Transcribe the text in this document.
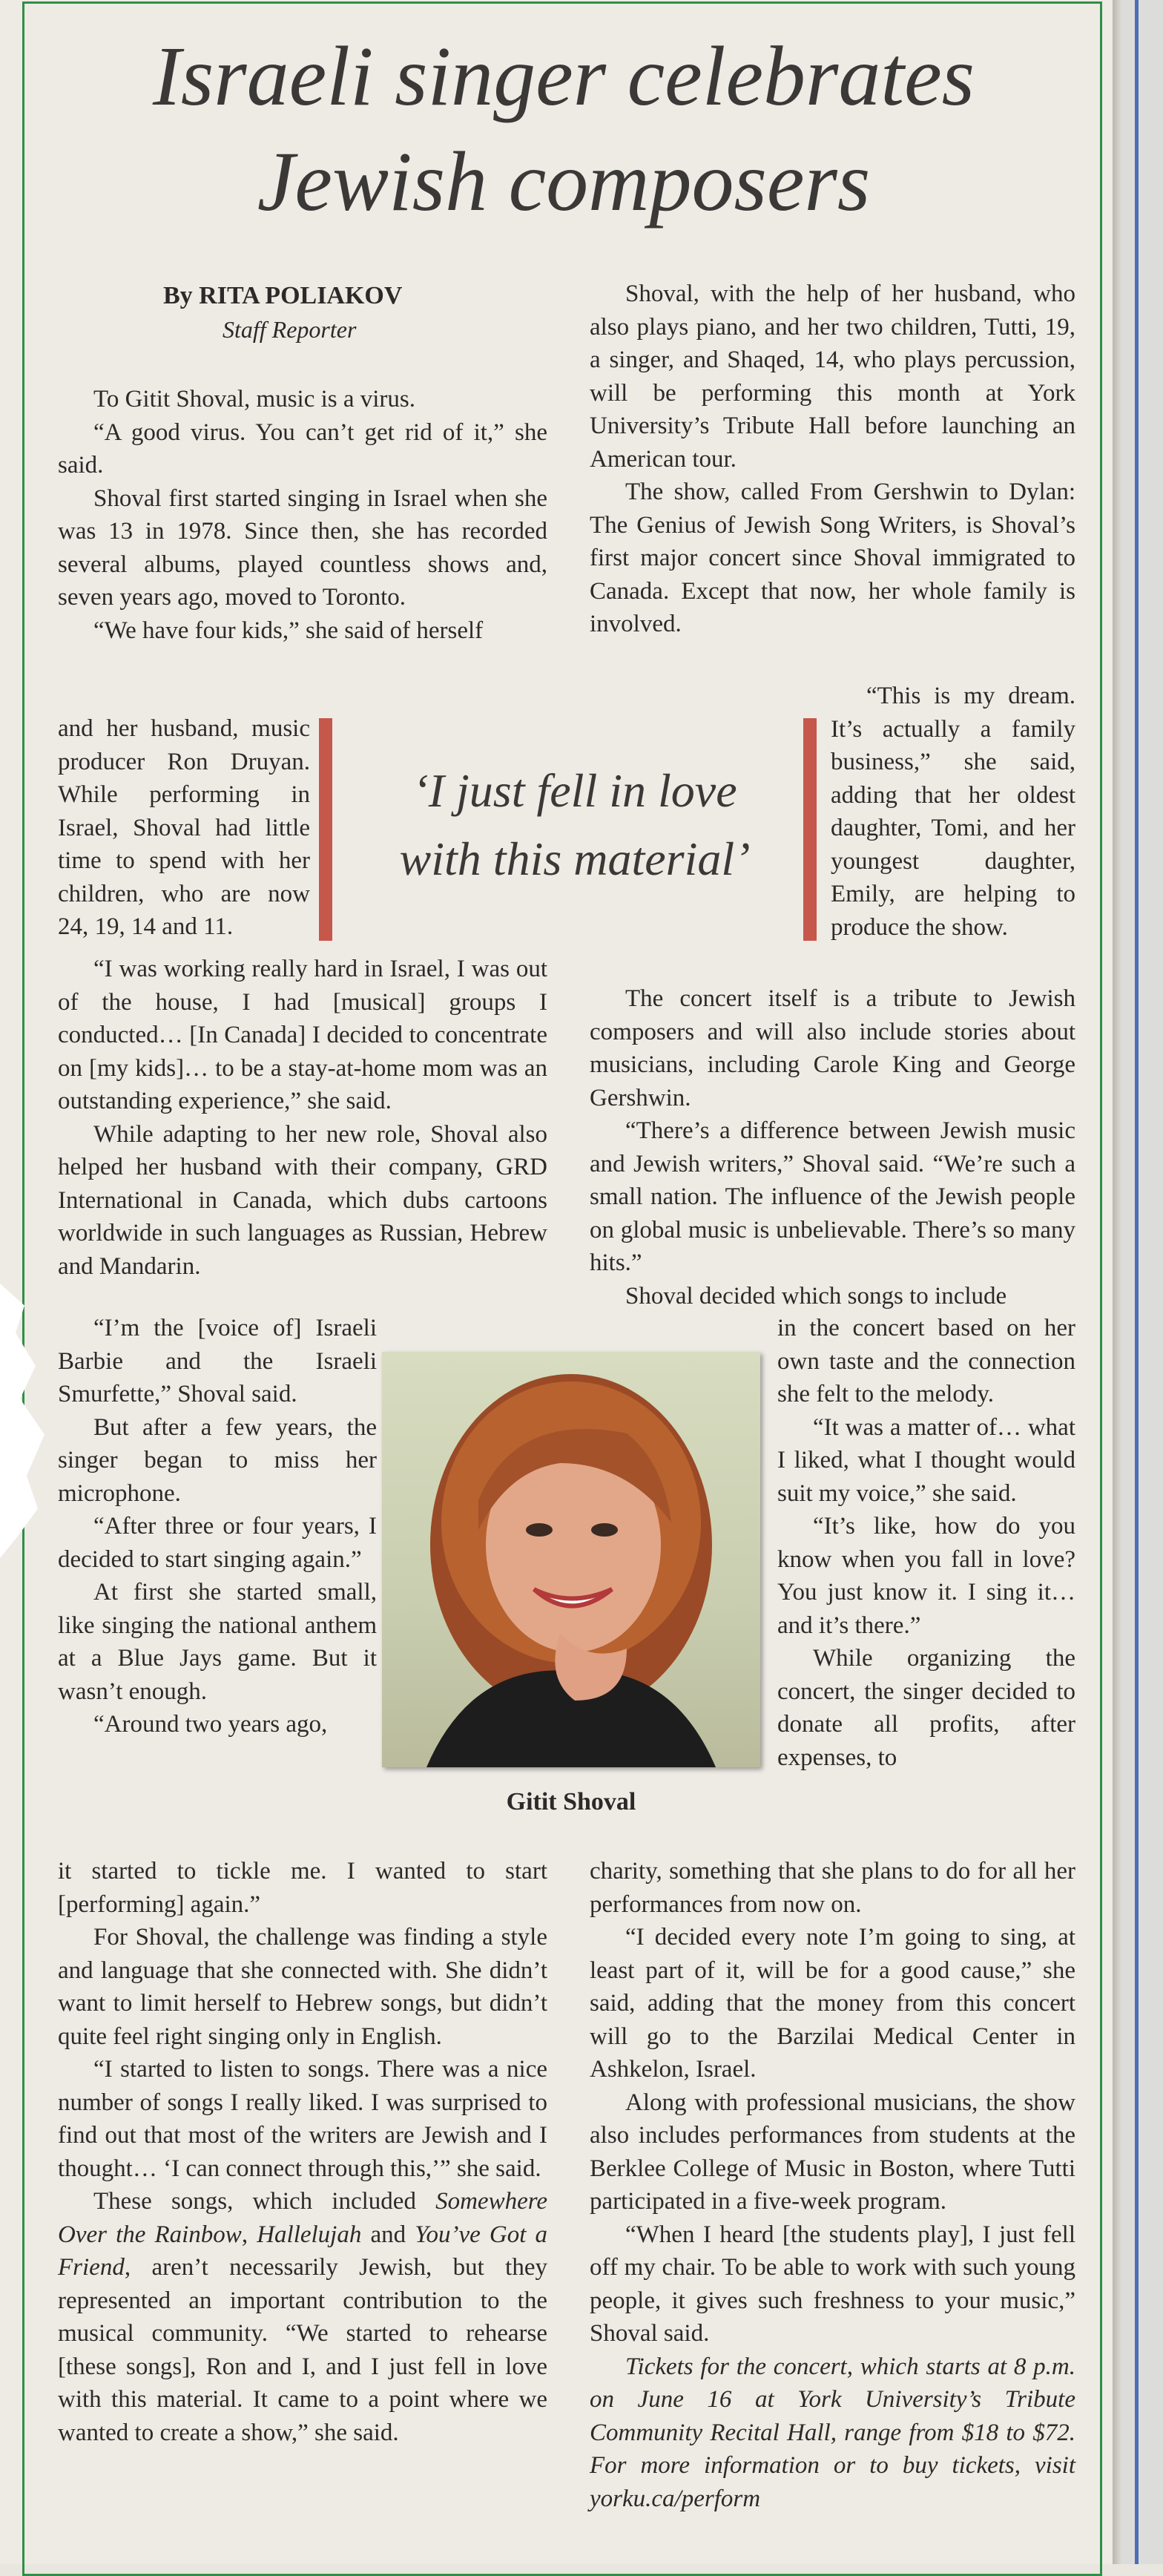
Israeli singer celebrates Jewish composers
By RITA POLIAKOV
Staff Reporter

To Gitit Shoval, music is a virus.

“A good virus. You can’t get rid of it,” she said.

Shoval first started singing in Israel when she was 13 in 1978. Since then, she has recorded several albums, played countless shows and, seven years ago, moved to Toronto.

“We have four kids,” she said of herself

and her husband, music producer Ron Druyan. While performing in Israel, Shoval had little time to spend with her children, who are now 24, 19, 14 and 11.

‘I just fell in love with this material’

“I was working really hard in Israel, I was out of the house, I had [musical] groups I conducted… [In Canada] I decided to concentrate on [my kids]… to be a stay-at-home mom was an outstanding experience,” she said.

While adapting to her new role, Shoval also helped her husband with their company, GRD International in Canada, which dubs cartoons worldwide in such languages as Russian, Hebrew and Mandarin.

“I’m the [voice of] Israeli Barbie and the Israeli Smurfette,” Shoval said.

But after a few years, the singer began to miss her microphone.

“After three or four years, I decided to start singing again.”

At first she started small, like singing the national anthem at a Blue Jays game. But it wasn’t enough.

“Around two years ago,

Gitit Shoval

it started to tickle me. I wanted to start [performing] again.”

For Shoval, the challenge was finding a style and language that she connected with. She didn’t want to limit herself to Hebrew songs, but didn’t quite feel right singing only in English.

“I started to listen to songs. There was a nice number of songs I really liked. I was surprised to find out that most of the writers are Jewish and I thought… ‘I can connect through this,’” she said.

These songs, which included Somewhere Over the Rainbow, Hallelujah and You’ve Got a Friend, aren’t necessarily Jewish, but they represented an important contribution to the musical community. “We started to rehearse [these songs], Ron and I, and I just fell in love with this material. It came to a point where we wanted to create a show,” she said.

Shoval, with the help of her husband, who also plays piano, and her two children, Tutti, 19, a singer, and Shaqed, 14, who plays percussion, will be performing this month at York University’s Tribute Hall before launching an American tour.

The show, called From Gershwin to Dylan: The Genius of Jewish Song Writers, is Shoval’s first major concert since Shoval immigrated to Canada. Except that now, her whole family is involved.

“This is my dream. It’s actually a family business,” she said, adding that her oldest daughter, Tomi, and her youngest daughter, Emily, are helping to produce the show.

The concert itself is a tribute to Jewish composers and will also include stories about musicians, including Carole King and George Gershwin.

“There’s a difference between Jewish music and Jewish writers,” Shoval said. “We’re such a small nation. The influence of the Jewish people on global music is unbelievable. There’s so many hits.”

Shoval decided which songs to include

in the concert based on her own taste and the connection she felt to the melody.

“It was a matter of… what I liked, what I thought would suit my voice,” she said.

“It’s like, how do you know when you fall in love? You just know it. I sing it… and it’s there.”

While organizing the concert, the singer decided to donate all profits, after expenses, to

charity, something that she plans to do for all her performances from now on.

“I decided every note I’m going to sing, at least part of it, will be for a good cause,” she said, adding that the money from this concert will go to the Barzilai Medical Center in Ashkelon, Israel.

Along with professional musicians, the show also includes performances from students at the Berklee College of Music in Boston, where Tutti participated in a five-week program.

“When I heard [the students play], I just fell off my chair. To be able to work with such young people, it gives such freshness to your music,” Shoval said.

Tickets for the concert, which starts at 8 p.m. on June 16 at York University’s Tribute Community Recital Hall, range from $18 to $72. For more information or to buy tickets, visit yorku.ca/perform
